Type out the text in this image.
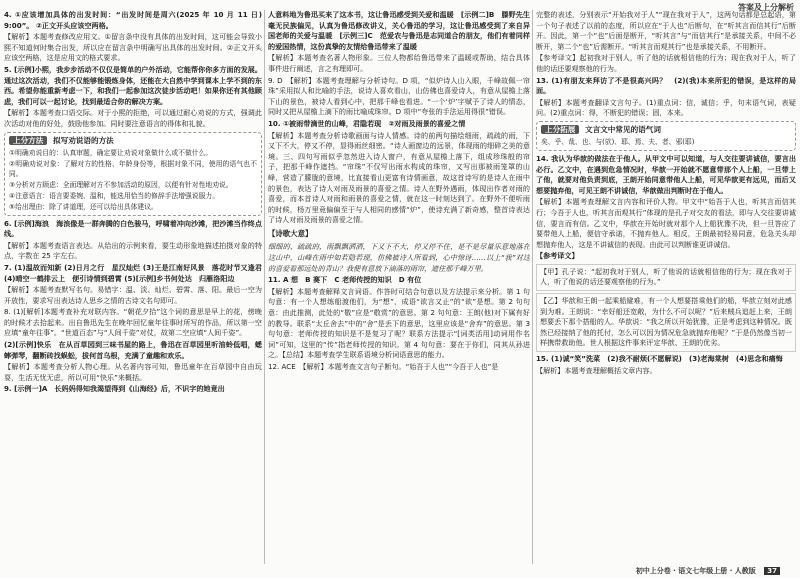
答案及上分解析

4. ①应该增加具体的出发时间：“出发时间是周六(2025 年 10 月 11 日) 9:00”。 ②正文开头应该空两格。

【解析】本题考查修改应用文。①留言条中没有具体的出发时间，这可能会导致小熙不知道何时集合出发，所以应在留言条中明确写出具体的出发时间。②正文开头应该空两格，这是应用文的格式要求。

5. [示例]小熙，我步步活动不仅仅是简单的户外活动，它能帮你你多方面的发展。通过这次活动，我们不仅能够能锻炼身体，还能在大自然中学到课本上学不到的东西。希望你能重新考虑一下，和我们一起参加这次徒步活动吧！如果你还有其他顾虑，我们可以一起讨论，找到最适合你的解决方案。

【解析】本题考查口语交际。对于小熙的拒绝，可以通过耐心劝说的方式，强调此次活动对他的好处，鼓励他参加。同时要注意语言的得体和礼貌。

上分方法 拟写劝说语的方法

①明确劝说目的：认真审题，确定要让劝说对象做什么或不做什么。

②明确劝说对象：了解对方的性格、年龄身份等，根据对象不同，使用的语气也不同。

③分析对方顾虑：全面理解对方不参加活动的原因，以便有针对性地劝说。

④注意语言：语言要委婉、温和，能选用恰当的修辞手法增强说服力。

⑤给出理由：除了讲道理，还可以给出具体建议。

6. [示例]海浪　海浪像是一群奔腾的白色骏马，呼啸着冲向沙滩，把沙滩当作终点线。

【解析】本题考查语言表达。从给出的示例来看，要生动形象地描述拍摄对象的特点，字数在 25 字左右。

7. (1)温故而知新 (2)日月之行　星汉灿烂 (3)王是江南好风景　落花时节又逢君 (4)晴空一鹤排云上　便引诗情到碧霄 (5)[示例]乡书何处达　归雁洛阳边

【解析】本题考查默写名句。易错字：温、淡、灿烂、碧霄、落、阳。最后一空为开放性，要求写出表达诗人思乡之情的古诗文名句即可。

8. (1)[解析]本题考查补充对联内容。“朝花夕拾”这个词的意思是早上的花，傍晚的时候才去拾起来。出自鲁迅先生在晚年回忆童年往事时所写的作品，所以第一空应填“童年往事”。“世道百态”与“人间千姿”对仗，故第二空应填“人间千姿”。

(2)[示例]快乐　在从百草园到三味书屋的路上，鲁迅在百草园里听油蛉低唱，蟋蟀弹琴，翻断砖找蜈蚣，拔何首乌根，充满了童趣和欢乐。

【解析】本题考查分析人物心理。从名著内容可知，鲁迅童年在百草园中自由玩耍，生活无忧无虑，所以可用“快乐”来概括。

9. [示例一]A　长妈妈得知我渴望得到《山海经》后，不识字的她竟出

人意料地为鲁迅买来了这本书，这让鲁迅感受到关爱和温暖　[示例二]B　滕野先生毫无民族偏见，认真为鲁迅修改讲义，关心鲁迅的学习，这让鲁迅感受到了来自异国老师的关爱与温暖　[示例三]C　范爱农与鲁迅是志同道合的朋友，他们有着同样的爱国热情，这份真挚的友情给鲁迅带来了温暖

【解析】本题考查名著人物形象。三位人物都给鲁迅带来了温暖或帮助，结合具体事件进行阐述，言之有理即可。

9. D　【解析】本题考查理解与分析诗句。D 项，“似炉诗人山入眼，千峰故佩一帘珠”采用拟人和比喻的手法，说诗人喜欢看山，山仿佛也喜爱诗人，有意从屋檐上落下山的景色，被诗人看到心中，把那千峰也看进。“一个‘炉’字赋予了诗人的情态，同时又把从屋檐上滴下的雨比喻成珠帘。D 项中“夸张的手法运用得很”错误。

10. ①被雨带滴世的山峰，君隐若现　②对雨及雨景的喜爱之情

【解析】本题考查分析诗歌画面与诗人情感。诗的前两句描绘细雨，疏疏的雨，下又下不大，停又不停，显得雨丝细密。“诗人画窗边的远景，体现雨的细碎之美的意境。三、四句写雨似乎忽然进入诗人窗户，有意从屋檐上落下，组成珍珠般的帘子，把那千峰作遮挡。“帘珠”不仅写出雨水构成的珠帘，又写出那被雨笼罩的山峰，营造了朦胧的意境，比直接看山更富有诗情画意，故这首诗写的是诗人在雨中的景色，表达了诗人对雨及雨景的喜爱之情。诗人在野外遇雨，体现出作者对雨的喜爱，而本首诗人对雨和雨景的喜爱之情，就在这一时刻达到了。在野外不便听雨的时候，杨万里竟偏偏至于与人相同的感情“炉”，使诗充满了新奇感，整首诗表达了诗人对雨及雨景的喜爱之情。

【诗歌大意】

细细的、疏疏的，雨飘飘洒洒，下又下不大，停又停不住，是不是尽量乐意地落在这山中，山峰在雨中如若隐若现，仿佛被诗人所看到，心中惊讶……以上“我”对这的喜爱看那远处的青山？我便有意放下滴落的雨帘，遮住那千峰万里。

11. A 想　B 赛下　C 老师传授的知识　D 有位

【解析】本题考查解释文言词语。作答时可结合句意以及方法提示来分析。第 1 句句意：有一个人想练船渡他们，为“想”，成语“欲言又止”的“欲”是想。第 2 句句意：由此推测，此处的“敬”应是“敬赏”的意思。第 2 句句意：王朗(他)对下属有好的教导。联系“太丘舍去”中的“舍”是丢下的意思，这里应该是“舍弃”的意思。第 3 句句意：老师传授的知识是不是复习了呢？联系方法提示“[词类活用]动词用作名词”可知，这里的“传”指老师传授的知识。第 4 句句意：要在于你们，同其从孙进之。【总结】本题考查学生联系语境分析词语意思的能力。

12. ACE　【解析】本题考查文言句子断句。“始吾于人也”“今吾于人也”是

完整的表述，分别表示“开始我对于人”“现在我对于人”，这两句话都是总起语，第一个句子表述了以前的态度，所以应在“于人也”后断句，在“听其言而信其行”后断开。因此，第一个“也”后面是断开，“听其言”与“而信其行”是承接关系，中间不必断开，第二个“也”后需断开。“听其言而观其行”也是承接关系，不用断开。

【参考译文】起初我对于别人，听了他的话就相信他的行为；现在我对于人，听了他的话还要观察他的行为。

13. (1)有朋友来拜访了不是很高兴吗？　(2)(我)本来所犯的错误，是这样的局面。

【解析】本题考查翻译文言句子。(1)重点词：信，诚信；乎，句末语气词，表疑问。(2)重点词：得，不断犯的错误；固，本来。

上分拓展 文言文中常见的语气词

矣、乎、哉、也、与(欤)、耶、焉、夫、者、邪(耶)

14. 我认为华歆的做法在于他人。从甲文中可以知道，与人交往要讲诚信，要言出必行。乙文中，在遇到危急情况时，华歆一开始就不愿意带那个人上船，一旦带上了他，就要对他负责到底，王朗开始同意带他人上船，可见华歆更有远见，而后又想要抛弃他，可见王朗不讲诚信，华歆做出判断时在于他人。

【解析】本题考查理解文言内容和评价人物。甲文中“始吾于人也，听其言而信其行；今吾于人也，听其言而观其行”体现的是孔子对交友的看法，即与人交往要讲诚信，要言而有信。乙文中，华歆在开始时就对那个人上船犹豫不决，但一旦答应了要带他人上船，便信守承诺，不抛弃他人。相反，王朗最初轻易同意，危急关头却想抛弃他人，这是不讲诚信的表现。由此可以判断谁更讲诚信。

【参考译文】

【甲】孔子说：“起初我对于别人，听了他说的话就相信他的行为；现在我对于人，听了他说的话还要观察他的行为。”

【乙】华歆和王朗一起乘船避难，有一个人想要搭乘他们的船，华歆立刻对此感到为难。王朗说：“幸好船还宽敞，为什么不可以呢？”后来贼兵追赶上来，王朗想要丢下那个搭船的人。华歆说：“我之所以开始犹豫，正是考虑到这种情况。既然已经接纳了他的托付，怎么可以因为情况危急就抛弃他呢？”于是仍然像当初一样携带救助他。世人根据这件事来评定华歆、王朗的优劣。

15. (1)诚“笑”洗菜　(2)我不耐烦(不愿解说)　(3)老海棠树　(4)思念和痛悔

【解析】本题考查理解概括文章内容。

初中上分卷 · 语文七年级上册 · 人教版 37
